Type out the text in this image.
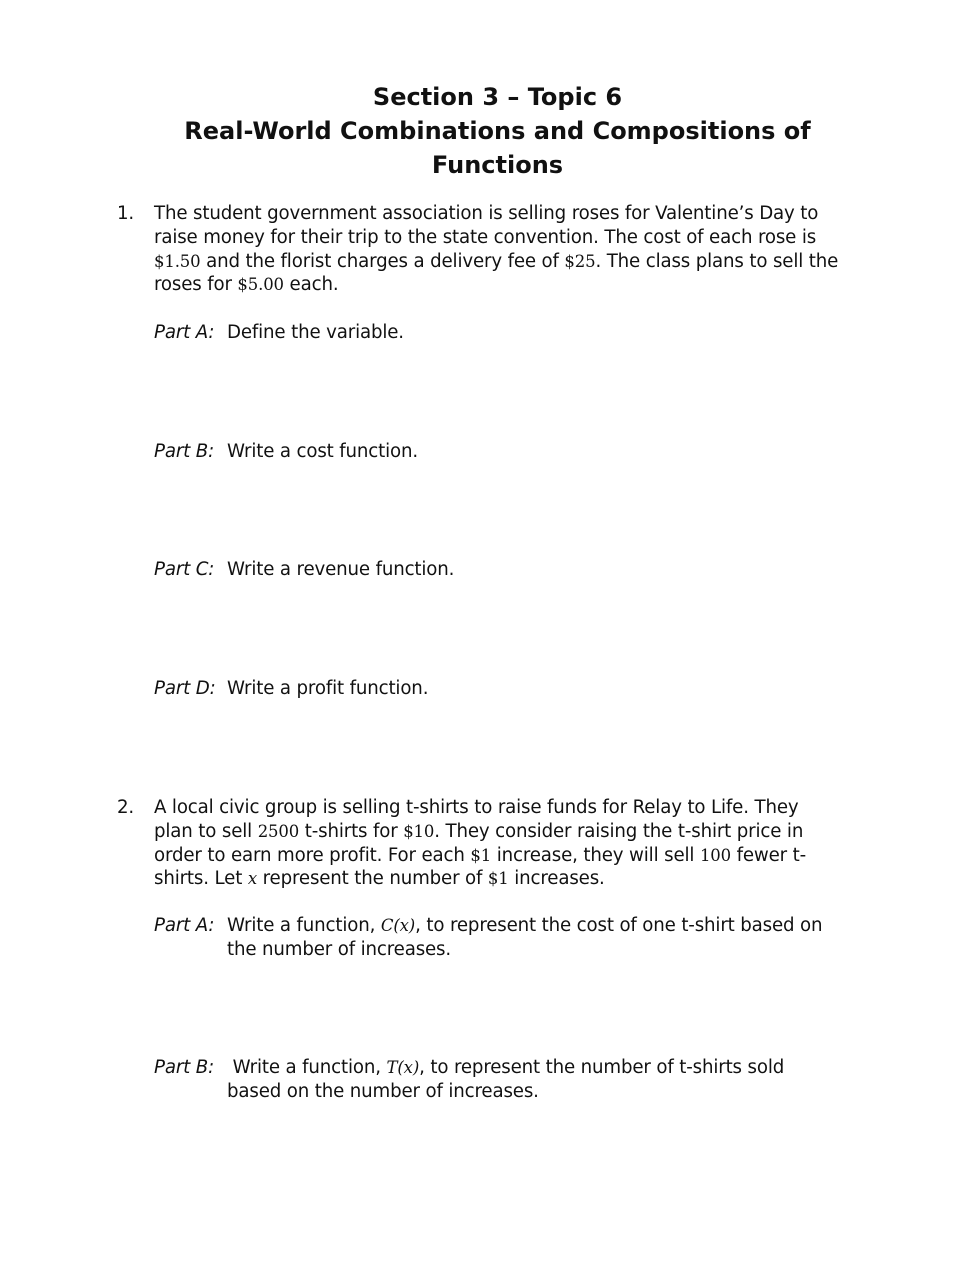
Section 3 – Topic 6
Real-World Combinations and Compositions of
Functions
1. The student government association is selling roses for Valentine’s Day to
raise money for their trip to the state convention. The cost of each rose is
$1.50 and the florist charges a delivery fee of $25. The class plans to sell the
roses for $5.00 each.
Part A: Define the variable.
Part B: Write a cost function.
Part C: Write a revenue function.
Part D: Write a profit function.
2. A local civic group is selling t-shirts to raise funds for Relay to Life. They
plan to sell 2500 t-shirts for $10. They consider raising the t-shirt price in
order to earn more profit. For each $1 increase, they will sell 100 fewer t-
shirts. Let x represent the number of $1 increases.
Part A: Write a function, C(x), to represent the cost of one t-shirt based on
the number of increases.
Part B: Write a function, T(x), to represent the number of t-shirts sold
based on the number of increases.
